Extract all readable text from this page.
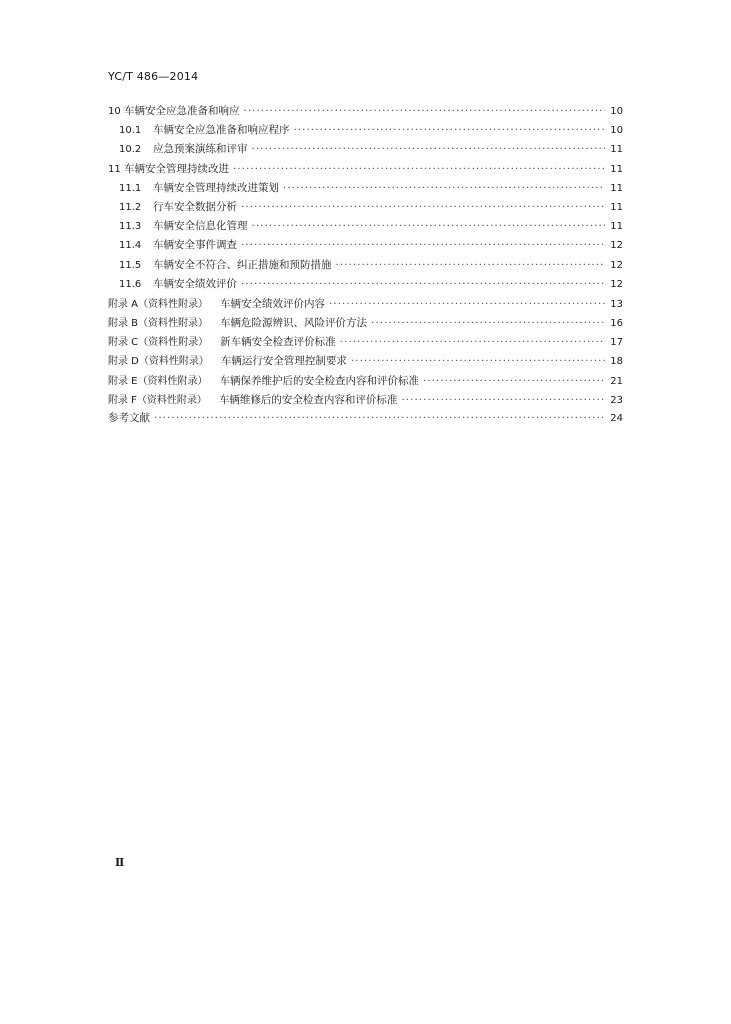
YC/T 486—2014
10 车辆安全应急准备和响应 ·····	10
10.1	车辆安全应急准备和响应程序 ·····	10
10.2	应急预案演练和评审 ·····	11
11 车辆安全管理持续改进 ·····	11
11.1	车辆安全管理持续改进策划 ·····	11
11.2	行车安全数据分析 ·····	11
11.3	车辆安全信息化管理 ·····	11
11.4	车辆安全事件调查 ·····	12
11.5	车辆安全不符合、纠正措施和预防措施 ·····	12
11.6	车辆安全绩效评价 ·····	12
附录 A（资料性附录） 车辆安全绩效评价内容 ·····	13
附录 B（资料性附录） 车辆危险源辨识、风险评价方法 ·····	16
附录 C（资料性附录） 新车辆安全检查评价标准 ·····	17
附录 D（资料性附录） 车辆运行安全管理控制要求 ·····	18
附录 E（资料性附录） 车辆保养维护后的安全检查内容和评价标准 ·····	21
附录 F（资料性附录） 车辆维修后的安全检查内容和评价标准 ·····	23
参考文献 ·····	24
Ⅱ
